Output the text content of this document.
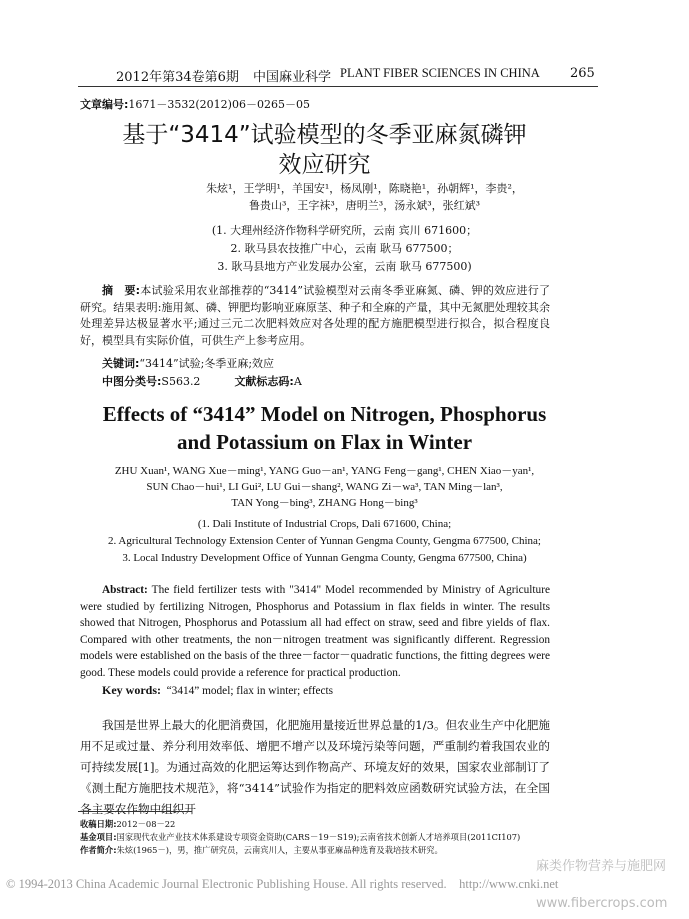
2012年第34卷第6期 中国麻业科学 PLANT FIBER SCIENCES IN CHINA 265
文章编号:1671－3532(2012)06－0265－05
基于“3414”试验模型的冬季亚麻氮磷钾
效应研究
朱炫¹，王学明¹，羊国安¹，杨凤刚¹，陈晓艳¹，孙朝辉¹，李贵²，
鲁贵山³，王字袜³，唐明兰³，汤永斌³，张红斌³
(1. 大理州经济作物科学研究所，云南 宾川 671600；
2. 耿马县农技推广中心，云南 耿马 677500；
3. 耿马县地方产业发展办公室，云南 耿马 677500)
摘　要:本试验采用农业部推荐的“3414”试验模型对云南冬季亚麻氮、磷、钾的效应进行了研究。结果表明:施用氮、磷、钾肥均影响亚麻原茎、种子和全麻的产量，其中无氮肥处理较其余处理差异达极显著水平;通过三元二次肥料效应对各处理的配方施肥模型进行拟合，拟合程度良好，模型具有实际价值，可供生产上参考应用。
关键词:“3414”试验;冬季亚麻;效应
中图分类号:S563.2	文献标志码:A
Effects of “3414” Model on Nitrogen, Phosphorus
and Potassium on Flax in Winter
ZHU Xuan¹, WANG Xue－ming¹, YANG Guo－an¹, YANG Feng－gang¹, CHEN Xiao－yan¹,
SUN Chao－hui¹, LI Gui², LU Gui－shang², WANG Zi－wa³, TAN Ming－lan³,
TAN Yong－bing³, ZHANG Hong－bing³
(1. Dali Institute of Industrial Crops, Dali 671600, China;
2. Agricultural Technology Extension Center of Yunnan Gengma County, Gengma 677500, China;
3. Local Industry Development Office of Yunnan Gengma County, Gengma 677500, China)
Abstract: The field fertilizer tests with "3414" Model recommended by Ministry of Agriculture were studied by fertilizing Nitrogen, Phosphorus and Potassium in flax fields in winter. The results showed that Nitrogen, Phosphorus and Potassium all had effect on straw, seed and fibre yields of flax. Compared with other treatments, the non－nitrogen treatment was significantly different. Regression models were established on the basis of the three－factor－quadratic functions, the fitting degrees were good. These models could provide a reference for practical production.
Key words: “3414” model; flax in winter; effects
我国是世界上最大的化肥消费国，化肥施用量接近世界总量的1/3。但农业生产中化肥施用不足或过量、养分利用效率低、增肥不增产以及环境污染等问题，严重制约着我国农业的可持续发展[1]。为通过高效的化肥运筹达到作物高产、环境友好的效果，国家农业部制订了《测土配方施肥技术规范》，将“3414”试验作为指定的肥料效应函数研究试验方法，在全国各主要农作物中组织开
收稿日期:2012－08－22
基金项目:国家现代农业产业技术体系建设专项资金资助(CARS－19－S19);云南省技术创新人才培养项目(2011CI107)
作者简介:朱炫(1965－)，男，推广研究员，云南宾川人，主要从事亚麻品种选育及栽培技术研究。
麻类作物营养与施肥网
© 1994-2013 China Academic Journal Electronic Publishing House. All rights reserved.　http://www.cnki.net
www.fibercrops.com
